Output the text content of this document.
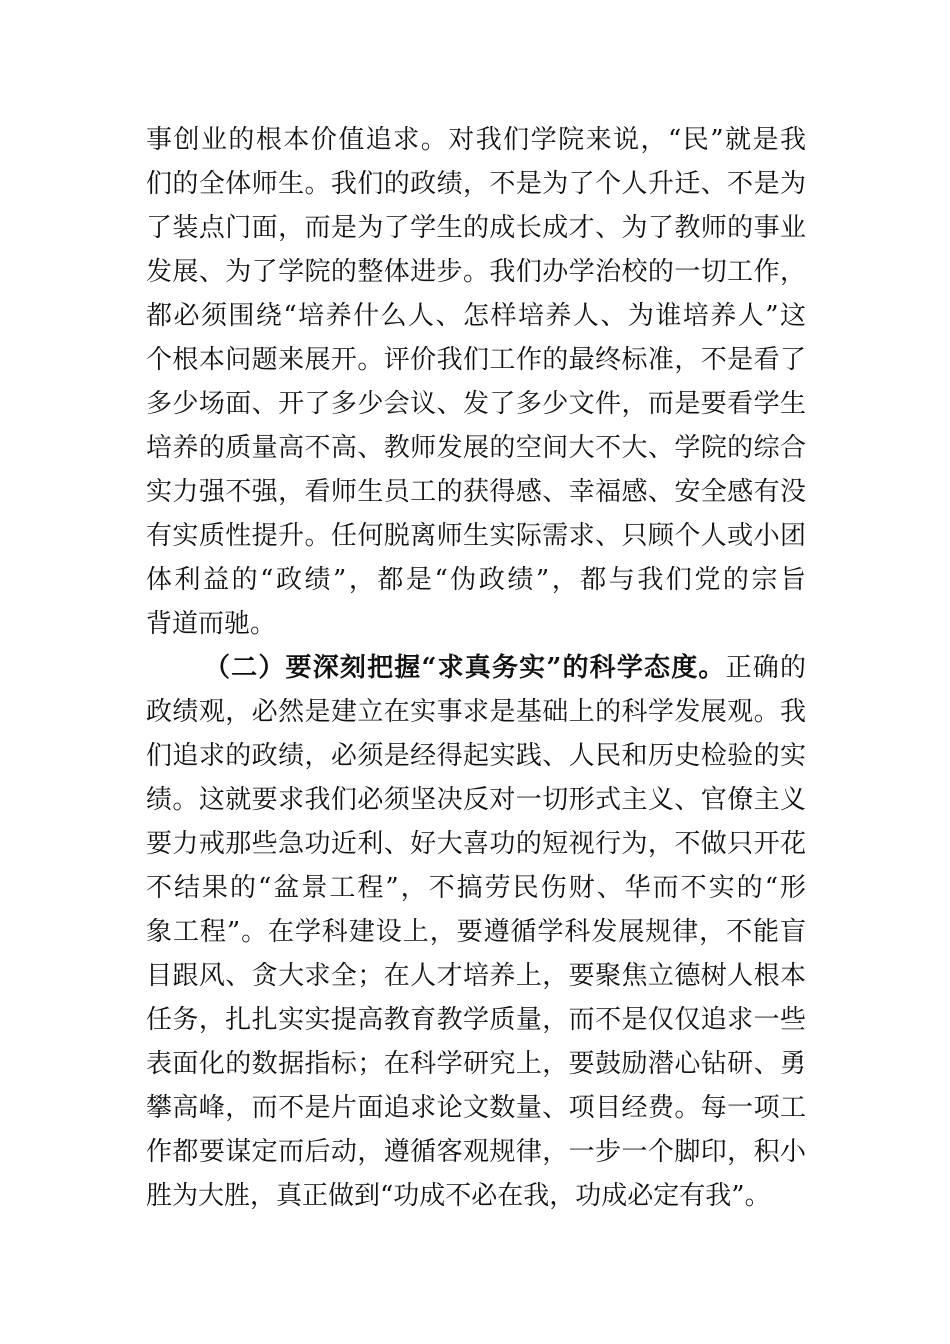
事创业的根本价值追求。对我们学院来说，“民”就是我
们的全体师生。我们的政绩，不是为了个人升迁、不是为
了装点门面，而是为了学生的成长成才、为了教师的事业
发展、为了学院的整体进步。我们办学治校的一切工作，
都必须围绕“培养什么人、怎样培养人、为谁培养人”这
个根本问题来展开。评价我们工作的最终标准，不是看了
多少场面、开了多少会议、发了多少文件，而是要看学生
培养的质量高不高、教师发展的空间大不大、学院的综合
实力强不强，看师生员工的获得感、幸福感、安全感有没
有实质性提升。任何脱离师生实际需求、只顾个人或小团
体利益的“政绩”，都是“伪政绩”，都与我们党的宗旨
背道而驰。
（二）要深刻把握“求真务实”的科学态度。正确的
政绩观，必然是建立在实事求是基础上的科学发展观。我
们追求的政绩，必须是经得起实践、人民和历史检验的实
绩。这就要求我们必须坚决反对一切形式主义、官僚主义
要力戒那些急功近利、好大喜功的短视行为，不做只开花
不结果的“盆景工程”，不搞劳民伤财、华而不实的“形
象工程”。在学科建设上，要遵循学科发展规律，不能盲
目跟风、贪大求全；在人才培养上，要聚焦立德树人根本
任务，扎扎实实提高教育教学质量，而不是仅仅追求一些
表面化的数据指标；在科学研究上，要鼓励潜心钻研、勇
攀高峰，而不是片面追求论文数量、项目经费。每一项工
作都要谋定而后动，遵循客观规律，一步一个脚印，积小
胜为大胜，真正做到“功成不必在我，功成必定有我”。
